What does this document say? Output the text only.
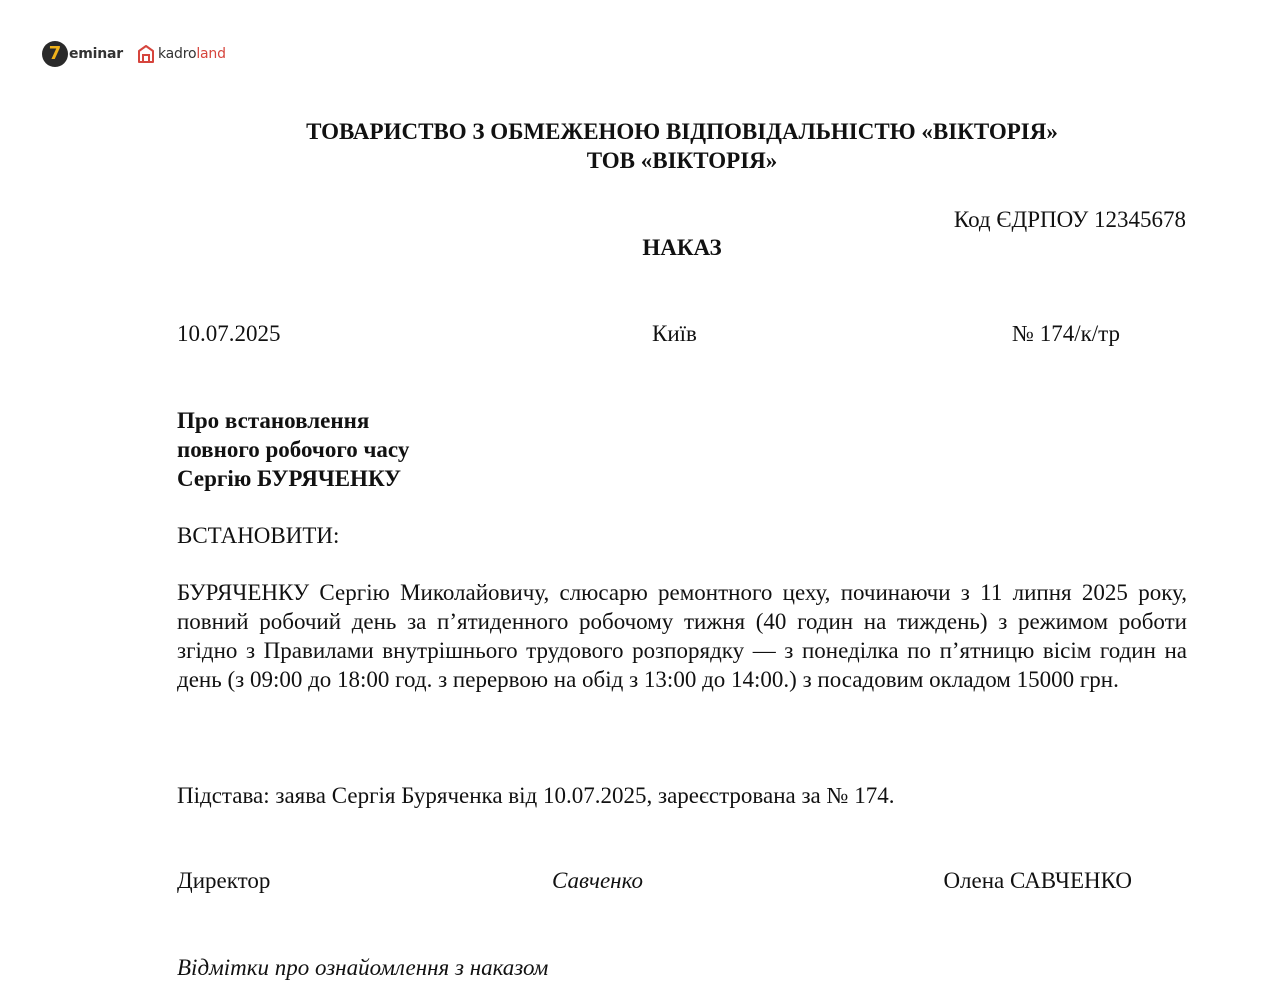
7 eminar	kadroland
ТОВАРИСТВО З ОБМЕЖЕНОЮ ВІДПОВІДАЛЬНІСТЮ «ВІКТОРІЯ»
ТОВ «ВІКТОРІЯ»
Код ЄДРПОУ 12345678
НАКАЗ
10.07.2025	Київ	№ 174/к/тр
Про встановлення
повного робочого часу
Сергію БУРЯЧЕНКУ
ВСТАНОВИТИ:
БУРЯЧЕНКУ Сергію Миколайовичу, слюсарю ремонтного цеху, починаючи з 11 липня 2025 року, повний робочий день за п’ятиденного робочому тижня (40 годин на тиждень) з режимом роботи згідно з Правилами внутрішнього трудового розпорядку — з понеділка по п’ятницю вісім годин на день (з 09:00 до 18:00 год. з перервою на обід з 13:00 до 14:00.) з посадовим окладом 15000 грн.
Підстава: заява Сергія Буряченка від 10.07.2025, зареєстрована за № 174.
Директор	Савченко	Олена САВЧЕНКО
Відмітки про ознайомлення з наказом
